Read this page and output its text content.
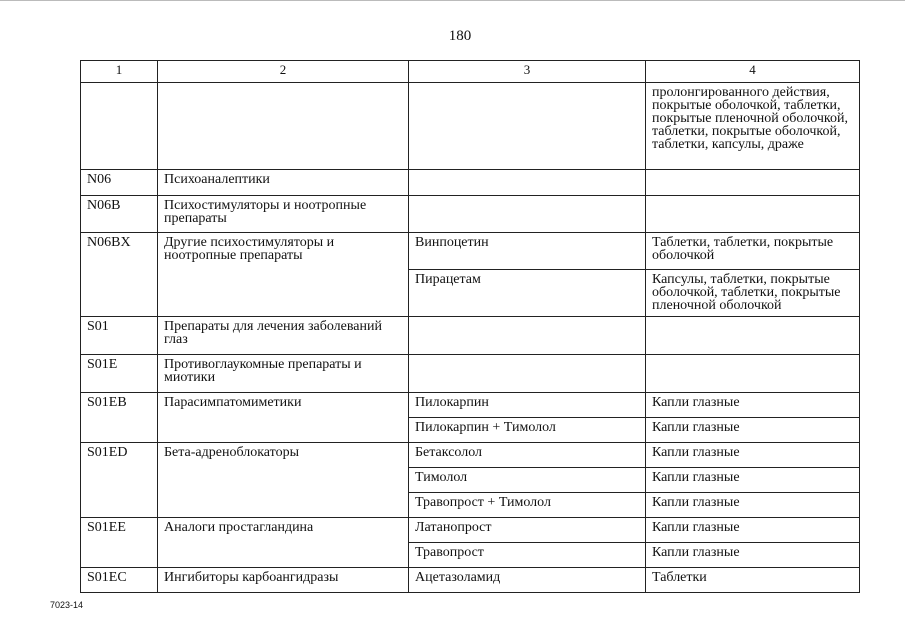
180
1	2	3	4
			пролонгированного действия, покрытые оболочкой, таблетки, покрытые пленочной оболочкой, таблетки, покрытые оболочкой, таблетки, капсулы, драже
N06	Психоаналептики		
N06B	Психостимуляторы и ноотропные препараты		
N06BX	Другие психостимуляторы и ноотропные препараты	Винпоцетин	Таблетки, таблетки, покрытые оболочкой
		Пирацетам	Капсулы, таблетки, покрытые оболочкой, таблетки, покрытые пленочной оболочкой
S01	Препараты для лечения заболеваний глаз		
S01E	Противоглаукомные препараты и миотики		
S01EB	Парасимпатомиметики	Пилокарпин	Капли глазные
		Пилокарпин + Тимолол	Капли глазные
S01ED	Бета-адреноблокаторы	Бетаксолол	Капли глазные
		Тимолол	Капли глазные
		Травопрост + Тимолол	Капли глазные
S01EE	Аналоги простагландина	Латанопрост	Капли глазные
		Травопрост	Капли глазные
S01EC	Ингибиторы карбоангидразы	Ацетазоламид	Таблетки
7023-14
